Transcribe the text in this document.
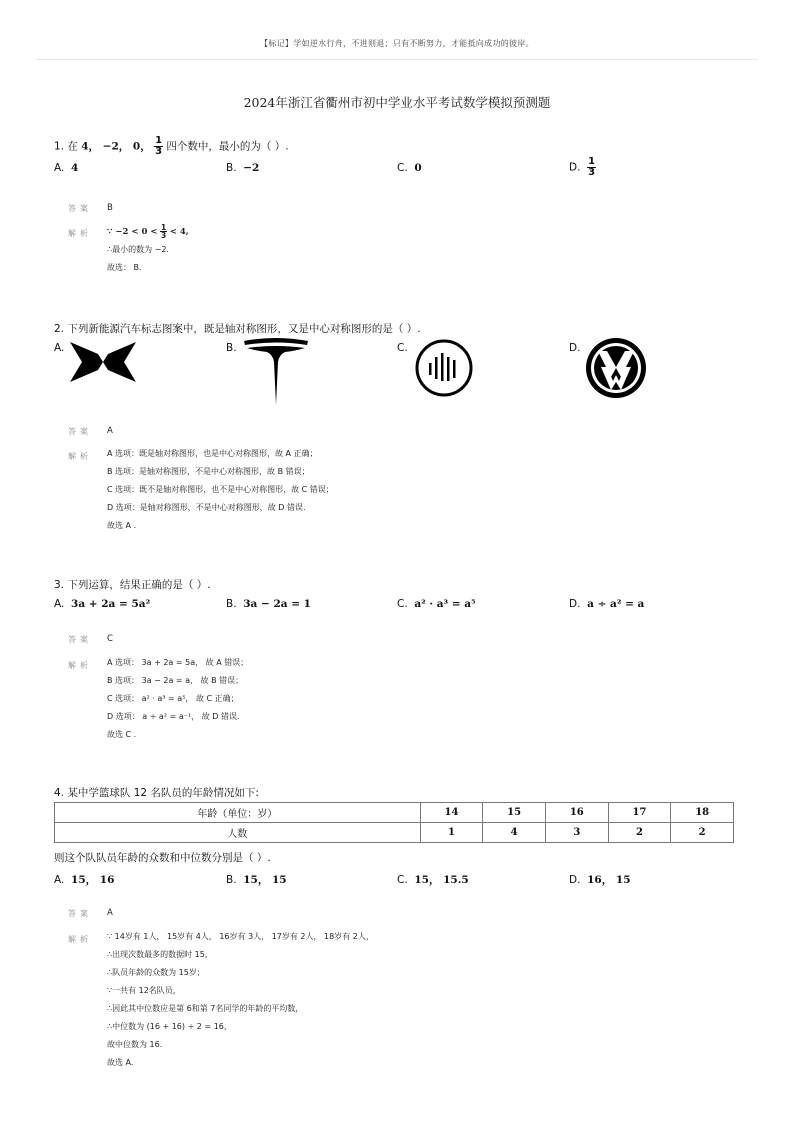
【标记】学如逆水行舟，不进则退；只有不断努力，才能抵向成功的彼岸。
2024年浙江省衢州市初中学业水平考试数学模拟预测题
1. 在 4， −2， 0， $\frac{1}{3}$ 四个数中，最小的为（ ）.
A. 4	B. −2	C. 0	D. $\frac{1}{3}$
答案 B
解析 ∵ $-2 < 0 < \frac{1}{3} < 4$,
∴最小的数为 −2.
故选： B.
2. 下列新能源汽车标志图案中，既是轴对称图形，又是中心对称图形的是（ ）.
A.	B.	C.	D.
答案 A
解析 A 选项：既是轴对称图形，也是中心对称图形，故 A 正确；
B 选项：是轴对称图形，不是中心对称图形，故 B 错误；
C 选项：既不是轴对称图形，也不是中心对称图形，故 C 错误；
D 选项：是轴对称图形，不是中心对称图形，故 D 错误.
故选 A .
3. 下列运算，结果正确的是（ ）.
A. 3a + 2a = 5a²	B. 3a − 2a = 1	C. a² · a³ = a⁵	D. a ÷ a² = a
答案 C
解析 A 选项： 3a + 2a = 5a， 故 A 错误；
B 选项： 3a − 2a = a， 故 B 错误；
C 选项： a² · a³ = a⁵， 故 C 正确；
D 选项： a ÷ a² = a⁻¹， 故 D 错误.
故选 C .
4. 某中学篮球队 12 名队员的年龄情况如下:
年龄（单位：岁）	14	15	16	17	18
人数	1	4	3	2	2
则这个队队员年龄的众数和中位数分别是（ ）.
A. 15， 16	B. 15， 15	C. 15， 15.5	D. 16， 15
答案 A
解析 ∵ 14岁有 1人， 15岁有 4人， 16岁有 3人， 17岁有 2人， 18岁有 2人，
∴出现次数最多的数据时 15，
∴队员年龄的众数为 15岁；
∵一共有 12名队员，
∴因此其中位数应是第 6和第 7名同学的年龄的平均数，
∴中位数为 (16 + 16) ÷ 2 = 16，
故中位数为 16.
故选 A.
